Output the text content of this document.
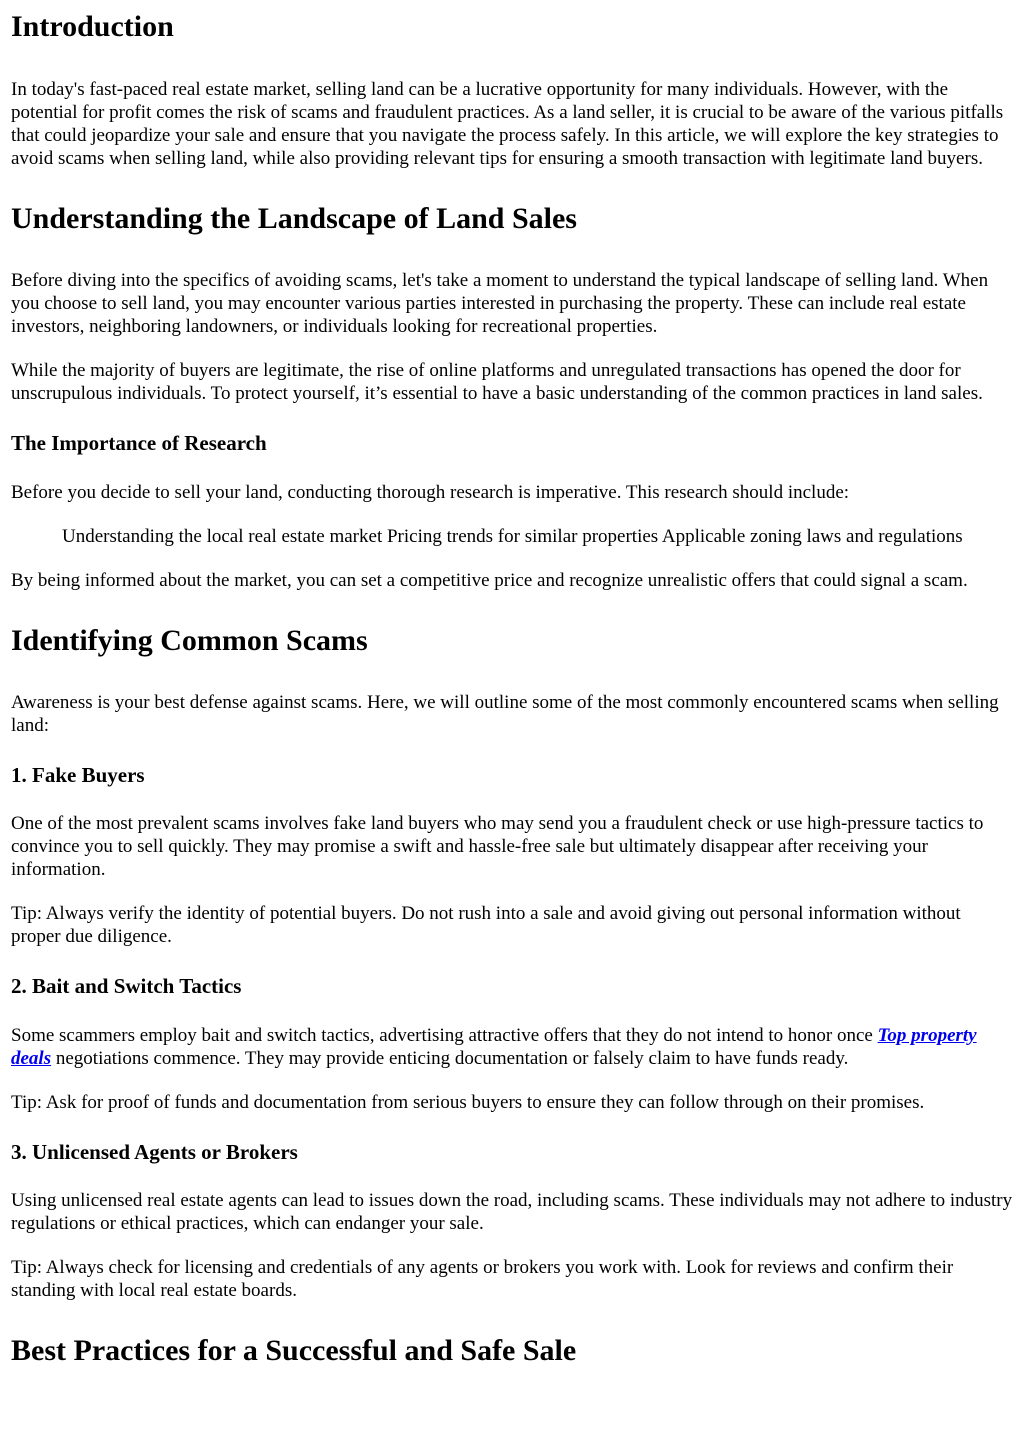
Introduction

In today's fast-paced real estate market, selling land can be a lucrative opportunity for many individuals. However, with the potential for profit comes the risk of scams and fraudulent practices. As a land seller, it is crucial to be aware of the various pitfalls that could jeopardize your sale and ensure that you navigate the process safely. In this article, we will explore the key strategies to avoid scams when selling land, while also providing relevant tips for ensuring a smooth transaction with legitimate land buyers.

Understanding the Landscape of Land Sales

Before diving into the specifics of avoiding scams, let's take a moment to understand the typical landscape of selling land. When you choose to sell land, you may encounter various parties interested in purchasing the property. These can include real estate investors, neighboring landowners, or individuals looking for recreational properties.

While the majority of buyers are legitimate, the rise of online platforms and unregulated transactions has opened the door for unscrupulous individuals. To protect yourself, it’s essential to have a basic understanding of the common practices in land sales.

The Importance of Research

Before you decide to sell your land, conducting thorough research is imperative. This research should include:

Understanding the local real estate market Pricing trends for similar properties Applicable zoning laws and regulations

By being informed about the market, you can set a competitive price and recognize unrealistic offers that could signal a scam.

Identifying Common Scams

Awareness is your best defense against scams. Here, we will outline some of the most commonly encountered scams when selling land:

1. Fake Buyers

One of the most prevalent scams involves fake land buyers who may send you a fraudulent check or use high-pressure tactics to convince you to sell quickly. They may promise a swift and hassle-free sale but ultimately disappear after receiving your information.

Tip: Always verify the identity of potential buyers. Do not rush into a sale and avoid giving out personal information without proper due diligence.

2. Bait and Switch Tactics

Some scammers employ bait and switch tactics, advertising attractive offers that they do not intend to honor once Top property deals negotiations commence. They may provide enticing documentation or falsely claim to have funds ready.

Tip: Ask for proof of funds and documentation from serious buyers to ensure they can follow through on their promises.

3. Unlicensed Agents or Brokers

Using unlicensed real estate agents can lead to issues down the road, including scams. These individuals may not adhere to industry regulations or ethical practices, which can endanger your sale.

Tip: Always check for licensing and credentials of any agents or brokers you work with. Look for reviews and confirm their standing with local real estate boards.

Best Practices for a Successful and Safe Sale
